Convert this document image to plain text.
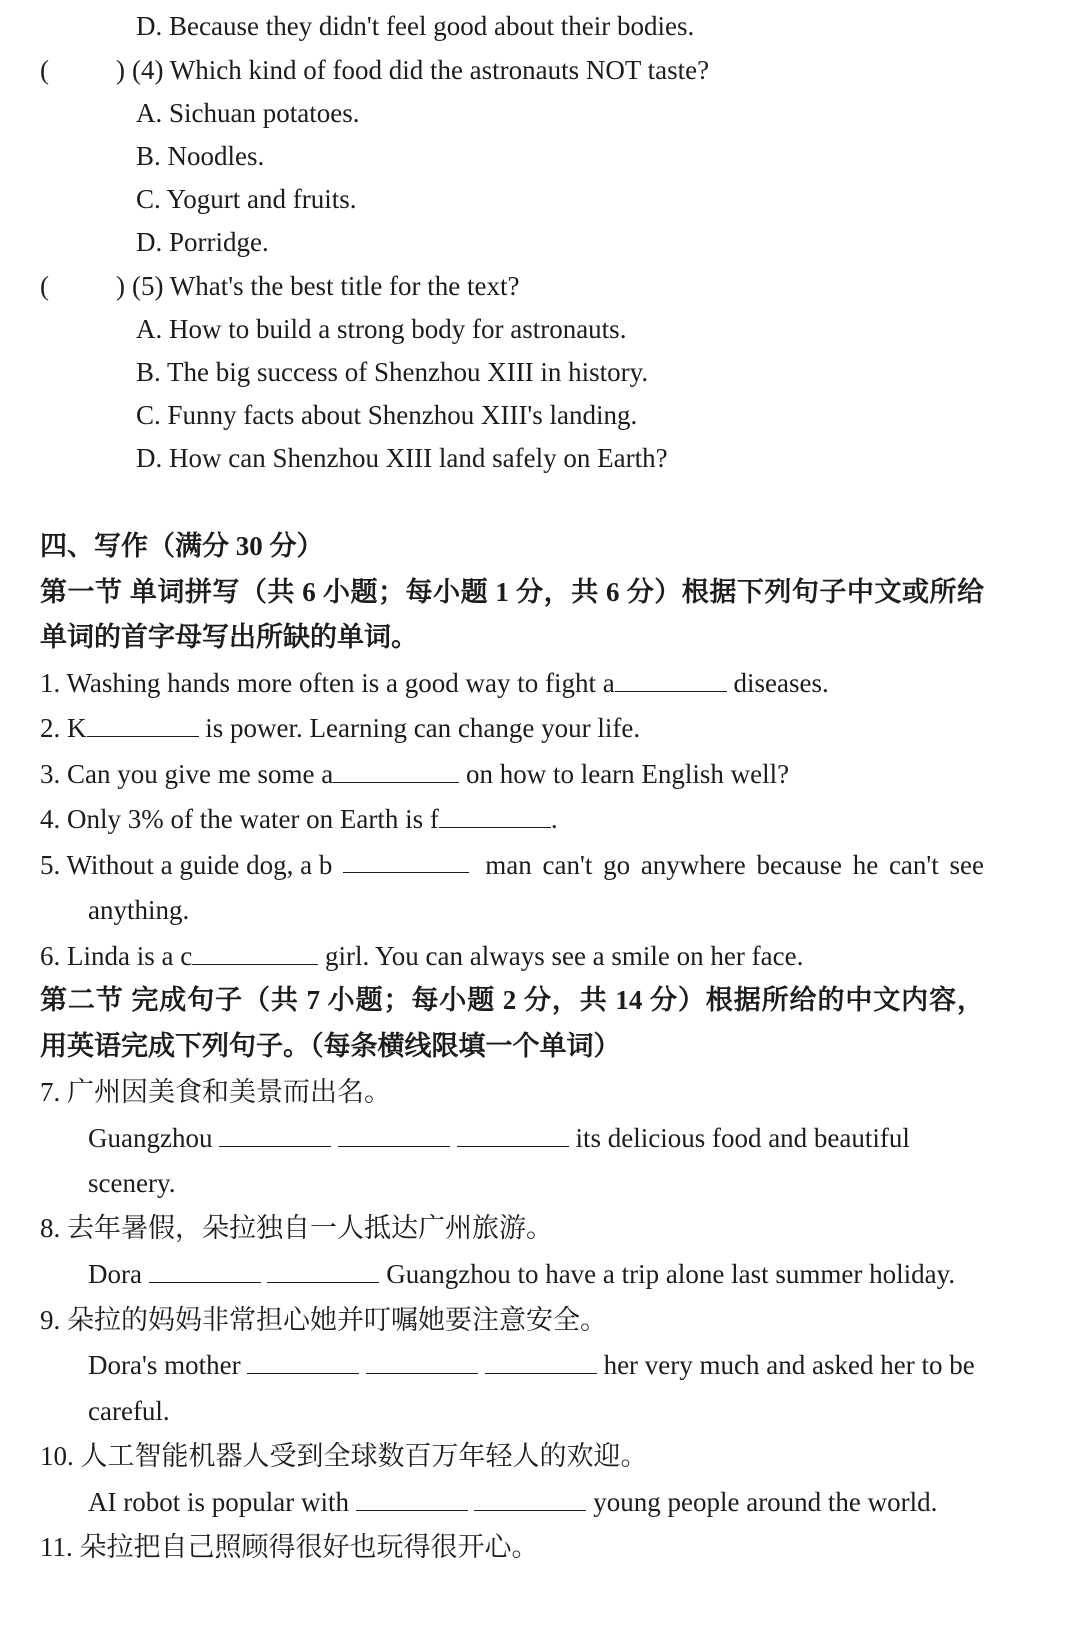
D. Because they didn't feel good about their bodies.
( ) (4) Which kind of food did the astronauts NOT taste?
A. Sichuan potatoes.
B. Noodles.
C. Yogurt and fruits.
D. Porridge.
( ) (5) What's the best title for the text?
A. How to build a strong body for astronauts.
B. The big success of Shenzhou XIII in history.
C. Funny facts about Shenzhou XIII's landing.
D. How can Shenzhou XIII land safely on Earth?
四、写作（满分 30 分）
第一节 单词拼写（共 6 小题；每小题 1 分，共 6 分）根据下列句子中文或所给
单词的首字母写出所缺的单词。
1. Washing hands more often is a good way to fight a	diseases.
2. K	is power. Learning can change your life.
3. Can you give me some a	on how to learn English well?
4. Only 3% of the water on Earth is f	.
5. Without a guide dog, a b	man can't go anywhere because he can't see
anything.
6. Linda is a c	girl. You can always see a smile on her face.
第二节 完成句子（共 7 小题；每小题 2 分，共 14 分）根据所给的中文内容，
用英语完成下列句子。（每条横线限填一个单词）
7. 广州因美食和美景而出名。
Guangzhou	its delicious food and beautiful
scenery.
8. 去年暑假，朵拉独自一人抵达广州旅游。
Dora	Guangzhou to have a trip alone last summer holiday.
9. 朵拉的妈妈非常担心她并叮嘱她要注意安全。
Dora's mother	her very much and asked her to be
careful.
10. 人工智能机器人受到全球数百万年轻人的欢迎。
AI robot is popular with	young people around the world.
11. 朵拉把自己照顾得很好也玩得很开心。
